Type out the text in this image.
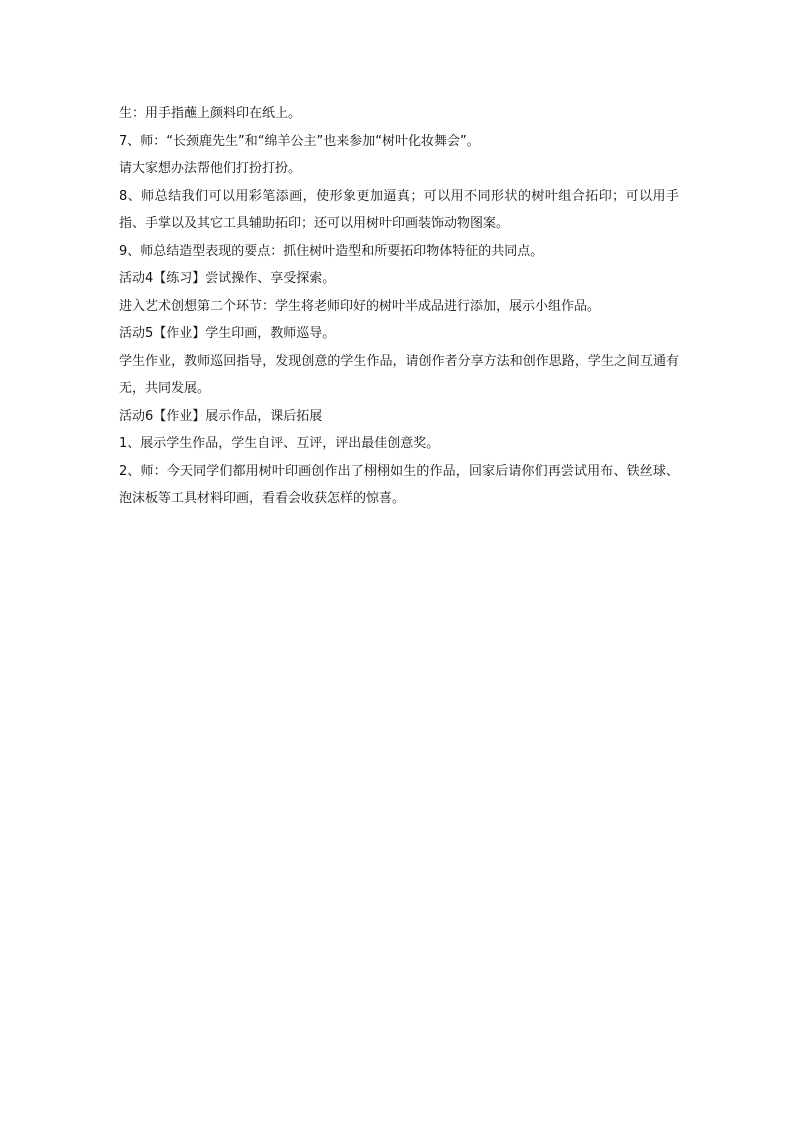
生：用手指蘸上颜料印在纸上。

7、师：“长颈鹿先生”和“绵羊公主”也来参加“树叶化妆舞会”。

请大家想办法帮他们打扮打扮。

8、师总结我们可以用彩笔添画，使形象更加逼真；可以用不同形状的树叶组合拓印；可以用手指、手掌以及其它工具辅助拓印；还可以用树叶印画装饰动物图案。

9、师总结造型表现的要点：抓住树叶造型和所要拓印物体特征的共同点。

活动4【练习】尝试操作、享受探索。

进入艺术创想第二个环节：学生将老师印好的树叶半成品进行添加，展示小组作品。

活动5【作业】学生印画，教师巡导。

学生作业，教师巡回指导，发现创意的学生作品，请创作者分享方法和创作思路，学生之间互通有无，共同发展。

活动6【作业】展示作品，课后拓展

1、展示学生作品，学生自评、互评，评出最佳创意奖。

2、师：今天同学们都用树叶印画创作出了栩栩如生的作品，回家后请你们再尝试用布、铁丝球、泡沫板等工具材料印画，看看会收获怎样的惊喜。
